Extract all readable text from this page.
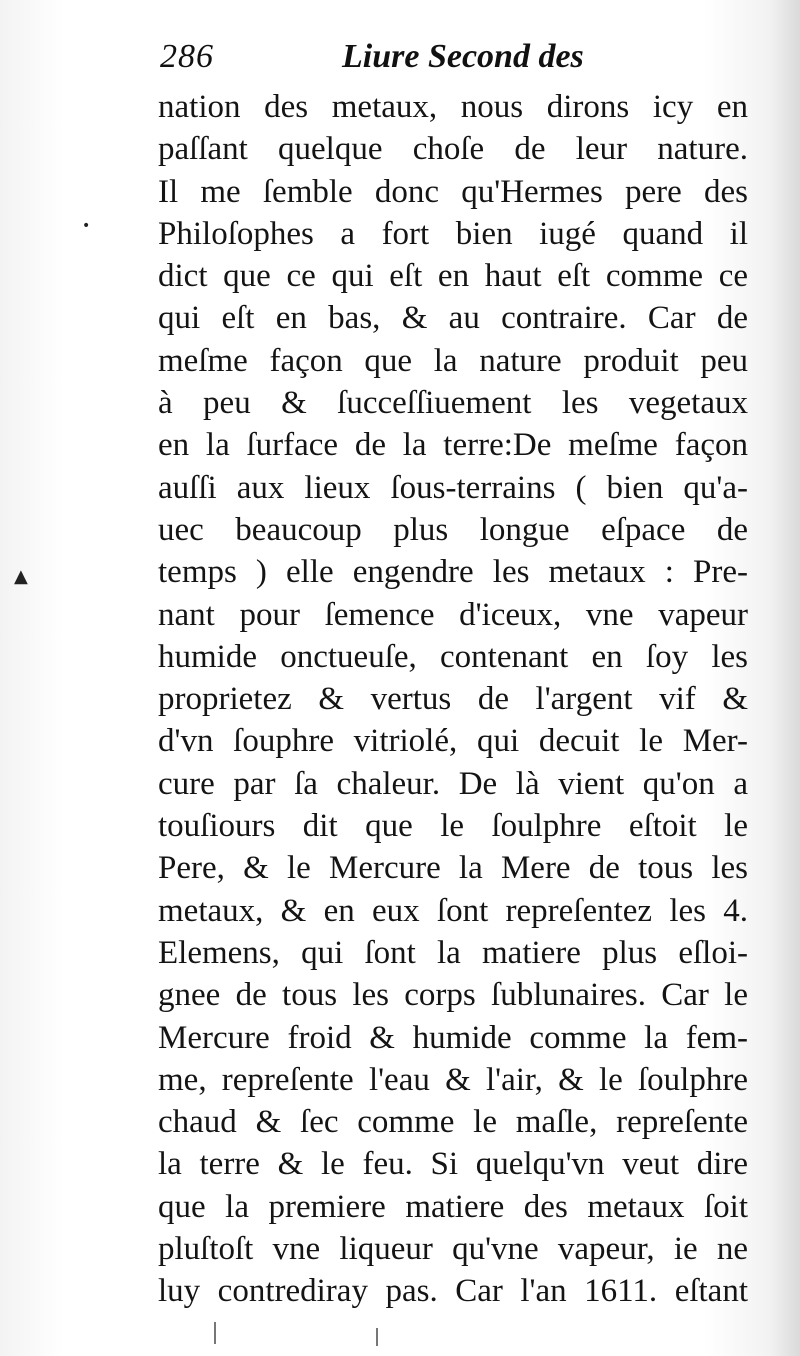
286	Liure Second des
nation des metaux, nous dirons icy en
paſſant quelque choſe de leur nature.
Il me ſemble donc qu'Hermes pere des
Philoſophes a fort bien iugé quand il
dict que ce qui eſt en haut eſt comme ce
qui eſt en bas, & au contraire. Car de
meſme façon que la nature produit peu
à peu & ſucceſſiuement les vegetaux
en la ſurface de la terre:De meſme façon
auſſi aux lieux ſous-terrains ( bien qu'a-
uec beaucoup plus longue eſpace de
temps ) elle engendre les metaux : Pre-
nant pour ſemence d'iceux, vne vapeur
humide onctueuſe, contenant en ſoy les
proprietez & vertus de l'argent vif &
d'vn ſouphre vitriolé, qui decuit le Mer-
cure par ſa chaleur. De là vient qu'on a
touſiours dit que le ſoulphre eſtoit le
Pere, & le Mercure la Mere de tous les
metaux, & en eux ſont repreſentez les 4.
Elemens, qui ſont la matiere plus eſloi-
gnee de tous les corps ſublunaires. Car le
Mercure froid & humide comme la fem-
me, repreſente l'eau & l'air, & le ſoulphre
chaud & ſec comme le maſle, repreſente
la terre & le feu. Si quelqu'vn veut dire
que la premiere matiere des metaux ſoit
pluſtoſt vne liqueur qu'vne vapeur, ie ne
luy contrediray pas. Car l'an 1611. eſtant
•
▲
